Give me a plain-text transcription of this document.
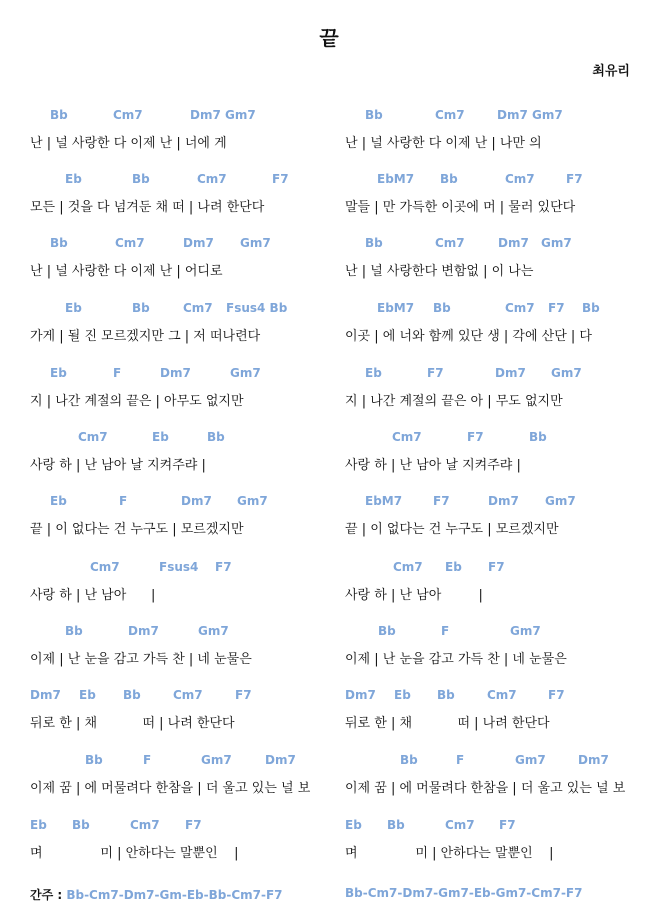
끝
최유리
Bb	Cm7	Dm7 Gm7
난 | 널 사랑한 다 이제 난 | 너에 게
Eb	Bb	Cm7	F7
모든 | 것을 다 넘겨둔 채 떠 | 나려 한단다
Bb	Cm7	Dm7 Gm7
난 | 널 사랑한 다 이제 난 | 어디로
Eb	Bb	Cm7 Fsus4 Bb
가게 | 될 진 모르겠지만 그 | 저 떠나련다
Eb	F	Dm7	Gm7
지 | 나간 계절의 끝은 | 아무도 없지만
Cm7	Eb	Bb
사랑 하 | 난 남아 날 지켜주랴 |
Eb	F	Dm7 Gm7
끝 | 이 없다는 건 누구도 | 모르겠지만
Cm7	Fsus4 F7
사랑 하 | 난 남아      |
Bb	Dm7	Gm7
이제 | 난 눈을 감고 가득 찬 | 네 눈물은
Dm7 Eb Bb	Cm7	F7
뒤로 한 | 채           떠 | 나려 한단다
Bb	F	Gm7	Dm7
이제 꿈 | 에 머물려다 한참을 | 더 울고 있는 널 보
Eb Bb	Cm7 F7
며              미 | 안하다는 말뿐인    |
Bb	Cm7	Dm7 Gm7
난 | 널 사랑한 다 이제 난 | 나만 의
EbM7 Bb	Cm7	F7
말들 | 만 가득한 이곳에 머 | 물러 있단다
Bb	Cm7	Dm7 Gm7
난 | 널 사랑한다 변함없 | 이 나는
EbM7 Bb	Cm7 F7 Bb
이곳 | 에 너와 함께 있단 생 | 각에 산단 | 다
Eb	F7	Dm7 Gm7
지 | 나간 계절의 끝은 아 | 무도 없지만
Cm7	F7	Bb
사랑 하 | 난 남아 날 지켜주랴 |
EbM7	F7	Dm7 Gm7
끝 | 이 없다는 건 누구도 | 모르겠지만
Cm7 Eb F7
사랑 하 | 난 남아         |
Bb	F	Gm7
이제 | 난 눈을 감고 가득 찬 | 네 눈물은
Dm7 Eb Bb	Cm7	F7
뒤로 한 | 채           떠 | 나려 한단다
Bb	F	Gm7	Dm7
이제 꿈 | 에 머물려다 한참을 | 더 울고 있는 널 보
Eb Bb	Cm7 F7
며              미 | 안하다는 말뿐인    |
간주 : Bb-Cm7-Dm7-Gm-Eb-Bb-Cm7-F7	Bb-Cm7-Dm7-Gm7-Eb-Gm7-Cm7-F7
